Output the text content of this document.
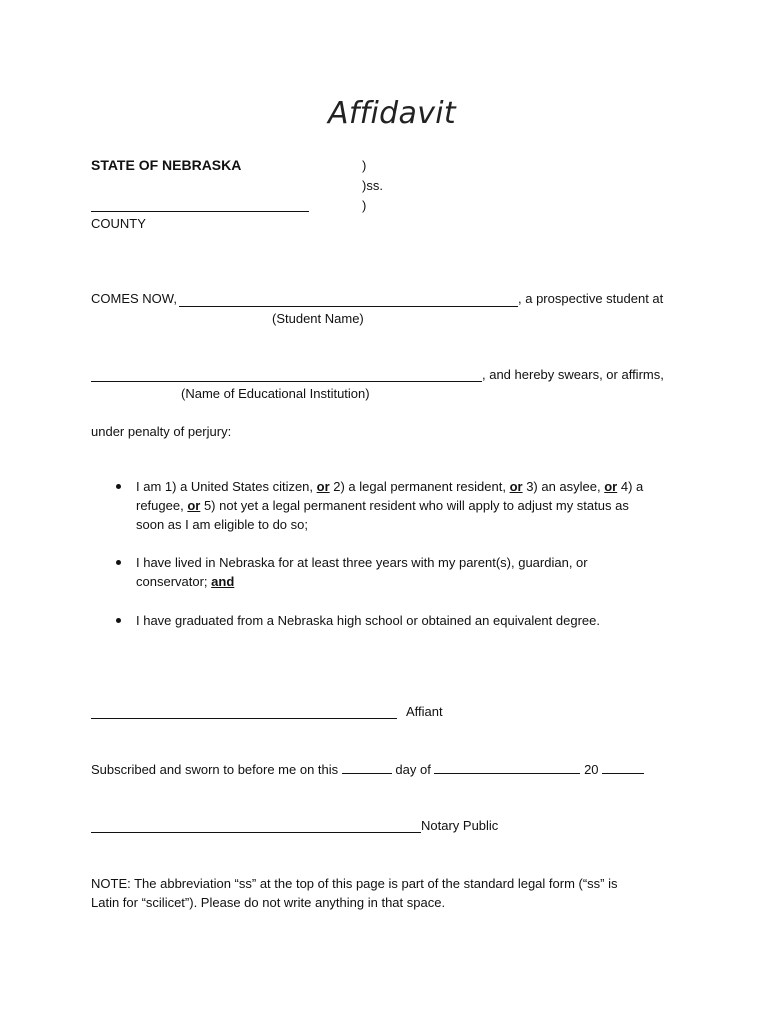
Affidavit
STATE OF NEBRASKA	)
)ss.
)
COUNTY
COMES NOW,	, a prospective student at
(Student Name)
, and hereby swears, or affirms,
(Name of Educational Institution)
under penalty of perjury:
I am 1) a United States citizen, or 2) a legal permanent resident, or 3) an asylee, or 4) a
refugee, or 5) not yet a legal permanent resident who will apply to adjust my status as
soon as I am eligible to do so;
I have lived in Nebraska for at least three years with my parent(s), guardian, or
conservator; and
I have graduated from a Nebraska high school or obtained an equivalent degree.
Affiant
Subscribed and sworn to before me on this	day of	20
Notary Public
NOTE: The abbreviation “ss” at the top of this page is part of the standard legal form (“ss” is
Latin for “scilicet”). Please do not write anything in that space.
